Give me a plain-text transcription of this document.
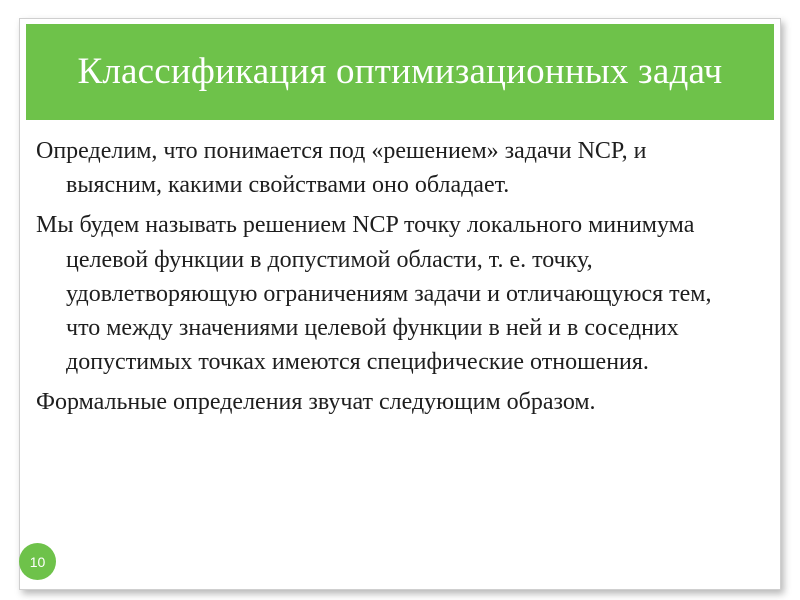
Классификация оптимизационных задач

Определим, что понимается под «решением» задачи NCP, и выясним, какими свойствами оно обладает.

Мы будем называть решением NCP точку локального минимума целевой функции в допустимой области, т. е. точку, удовлетворяющую ограничениям задачи и отличающуюся тем, что между значениями целевой функции в ней и в соседних допустимых точках имеются специфические отношения.

Формальные определения звучат следующим образом.

10
